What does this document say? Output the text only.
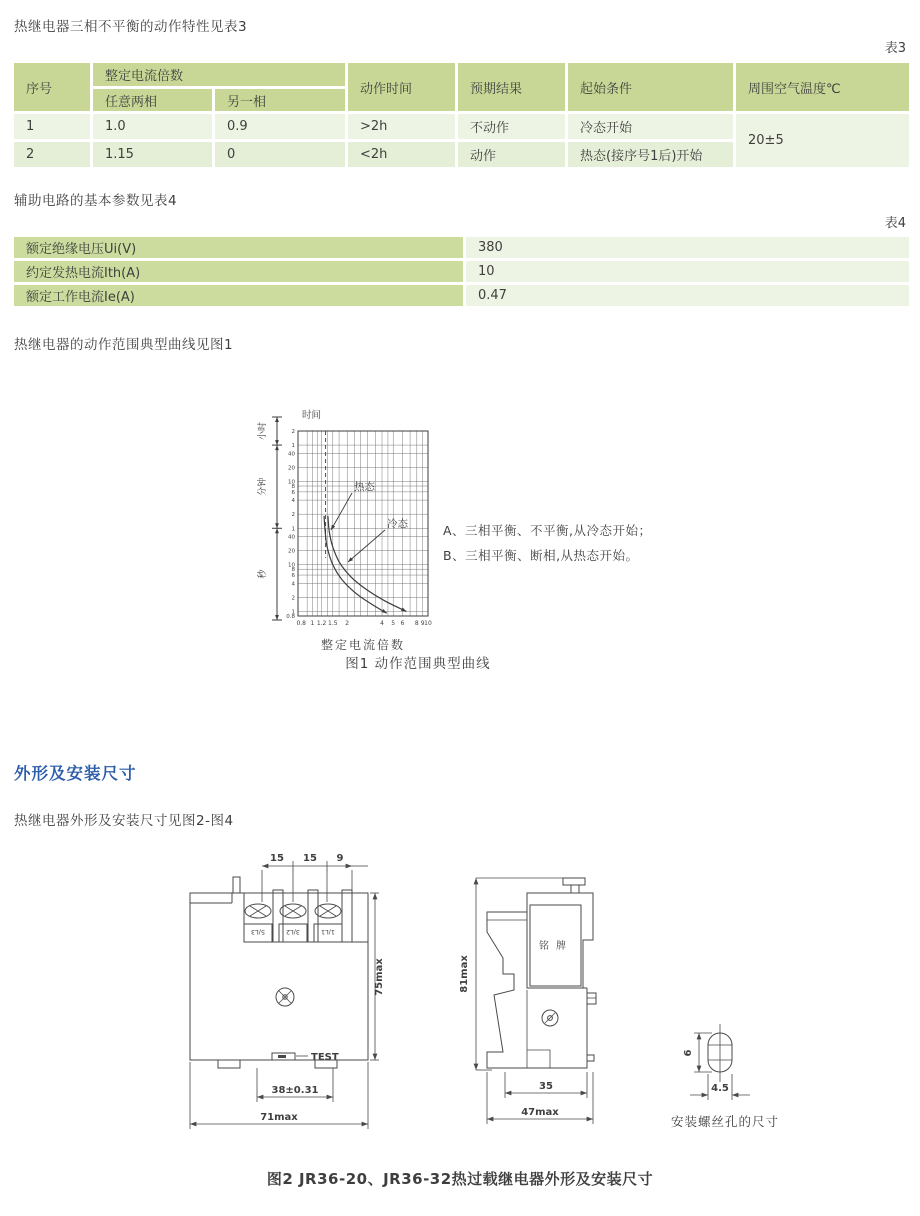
热继电器三相不平衡的动作特性见表3
表3
序号	整定电流倍数		动作时间	预期结果	起始条件	周围空气温度℃
	任意两相	另一相				
1	1.0	0.9	>2h	不动作	冷态开始	20±5
2	1.15	0	<2h	动作	热态(接序号1后)开始	
辅助电路的基本参数见表4
表4
额定绝缘电压Ui(V)	380
约定发热电流Ith(A)	10
额定工作电流Ie(A)	0.47
热继电器的动作范围典型曲线见图1
0.8 1 1.2 1.5 2	4 5 6 8 9 10
2
1
40
20
10
8
6
4
2
1
40
20
10
8
6
4
2
1
0.8
小时
分钟
秒
时间
热态
冷态	A、三相平衡、不平衡,从冷态开始；
B、三相平衡、断相,从热态开始。
整定电流倍数
图1 动作范围典型曲线
外形及安装尺寸
热继电器外形及安装尺寸见图2-图4
15 15 9
5/L3	3/L2	1/L1
TEST
75max
38±0.31
71max
81max
铭牌
35
47max
6
4.5
安装螺丝孔的尺寸
图2 JR36-20、JR36-32热过载继电器外形及安装尺寸
